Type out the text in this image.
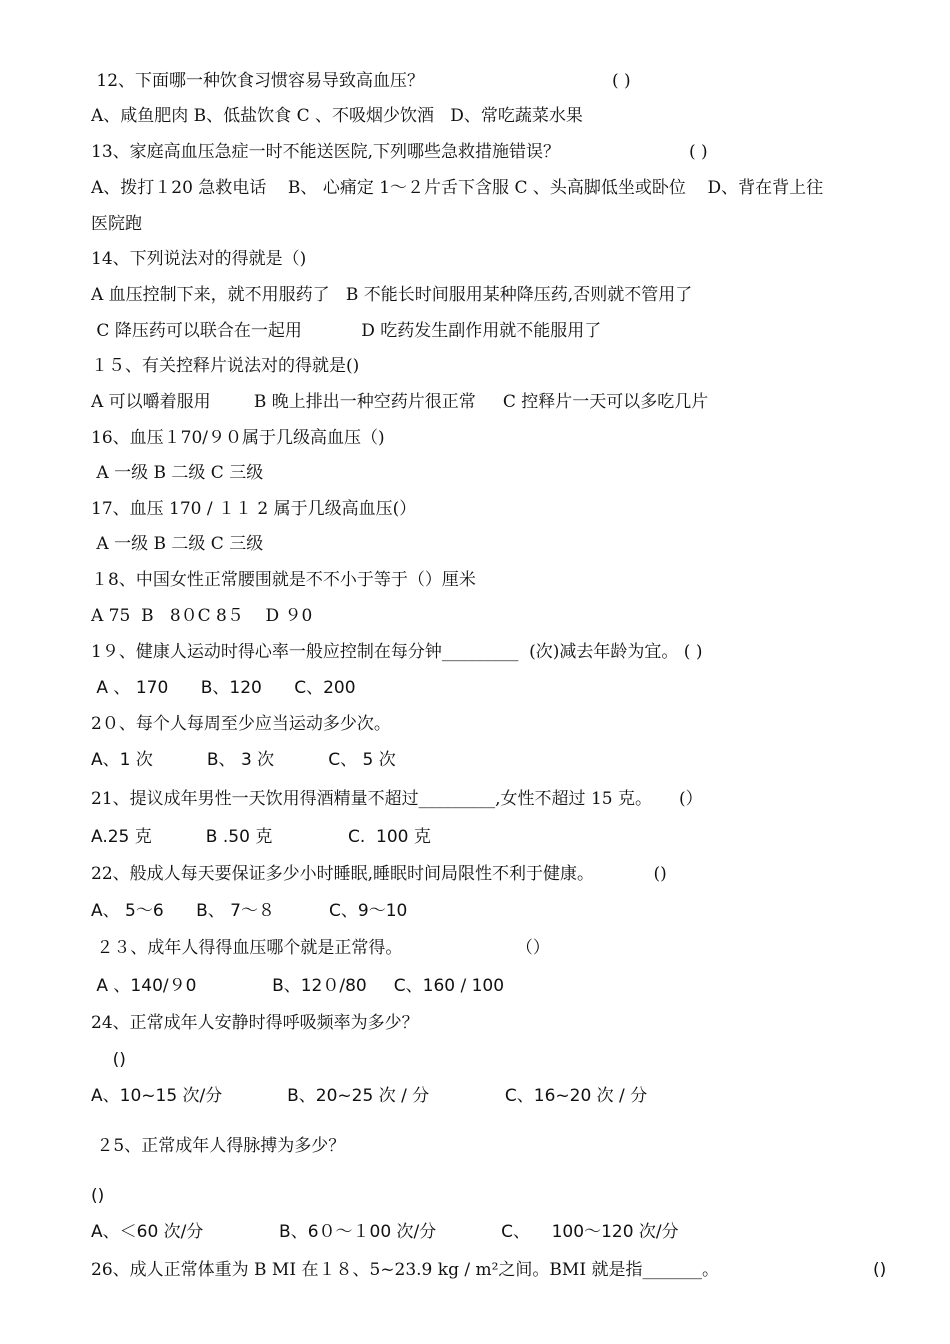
12、下面哪一种饮食习惯容易导致高血压？	( )
A、咸鱼肥肉 B、低盐饮食 C 、不吸烟少饮酒   D、常吃蔬菜水果
13、家庭高血压急症一时不能送医院,下列哪些急救措施错误？	( )
A、拨打１20 急救电话    B、 心痛定 1～２片舌下含服 C 、头高脚低坐或卧位    D、背在背上往
医院跑
14、下列说法对的得就是（)
A 血压控制下来，就不用服药了   B 不能长时间服用某种降压药,否则就不管用了
C 降压药可以联合在一起用           D 吃药发生副作用就不能服用了
１５、有关控释片说法对的得就是()
A 可以嚼着服用        B 晚上排出一种空药片很正常     C 控释片一天可以多吃几片
16、血压１70/９０属于几级高血压（)
A 一级 B 二级 C 三级
17、血压 170 / １１ 2 属于几级高血压(）
A 一级 B 二级 C 三级
１8、中国女性正常腰围就是不不小于等于（）厘米
A 75  B   8０C 8５    D ９0
1９、健康人运动时得心率一般应控制在每分钟_________  (次)减去年龄为宜。 ( )
A 、 170      B、120      C、200
2０、每个人每周至少应当运动多少次。
A、1 次          B、 3 次          C、 5 次
21、提议成年男性一天饮用得酒精量不超过_________,女性不超过 15 克。     (）
A.25 克          B .50 克              C.  100 克
22、般成人每天要保证多少小时睡眠,睡眠时间局限性不利于健康。           ()
A、 5～6      B、 7～８          C、9～10
２３、成年人得得血压哪个就是正常得。                     （）
A 、140/９0              B、12０/80     C、160 / 100
24、正常成年人安静时得呼吸频率为多少？
()
A、10~15 次/分            B、20~25 次 / 分              C、16~20 次 / 分
２5、正常成年人得脉搏为多少？
()
A、＜60 次/分              B、6０～１00 次/分            C、    100～120 次/分
26、成人正常体重为 B MI 在１８、5~23.9 kg / m²之间。BMI 就是指_______。	()
